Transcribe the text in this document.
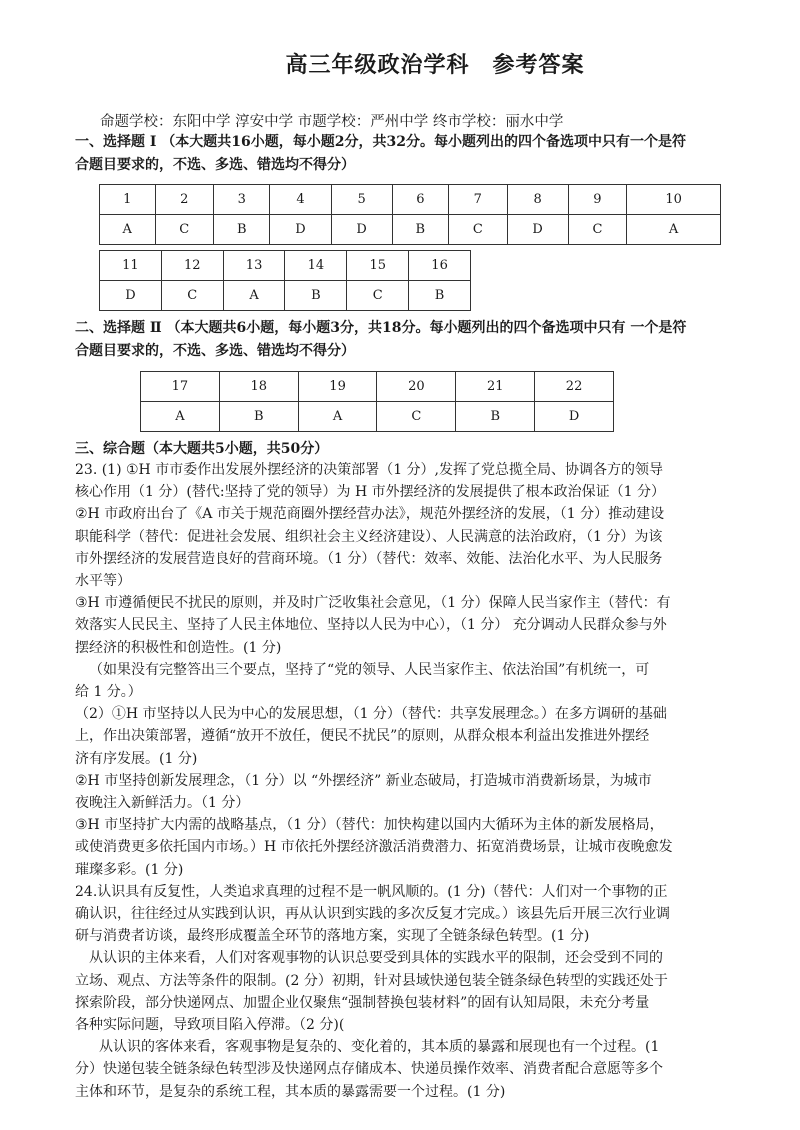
高三年级政治学科　参考答案
命题学校：东阳中学 淳安中学 市题学校：严州中学 终市学校：丽水中学
一、选择题 Ⅰ （本大题共16小题，每小题2分，共32分。每小题列出的四个备选项中只有一个是符
合题目要求的，不选、多选、错选均不得分）
1	2	3	4	5	6	7	8	9	10
A	C	B	D	D	B	C	D	C	A
11	12	13	14	15	16
D	C	A	B	C	B
二、选择题 Ⅱ （本大题共6小题，每小题3分，共18分。每小题列出的四个备选项中只有 一个是符
合题目要求的，不选、多选、错选均不得分）
17	18	19	20	21	22
A	B	A	C	B	D
三、综合题（本大题共5小题，共50分）

23. (1) ①H 市市委作出发展外摆经济的决策部署（1 分）,发挥了党总揽全局、协调各方的领导

核心作用（1 分）(替代:坚持了党的领导）为 H 市外摆经济的发展提供了根本政治保证（1 分）

②H 市政府出台了《A 市关于规范商圈外摆经营办法》，规范外摆经济的发展，（1 分）推动建设

职能科学（替代：促进社会发展、组织社会主义经济建设）、人民满意的法治政府，（1 分）为该

市外摆经济的发展营造良好的营商环境。（1 分）（替代：效率、效能、法治化水平、为人民服务

水平等）

③H 市遵循便民不扰民的原则，并及时广泛收集社会意见，（1 分）保障人民当家作主（替代：有

效落实人民民主、坚持了人民主体地位、坚持以人民为中心），（1 分） 充分调动人民群众参与外

摆经济的积极性和创造性。(1 分)

（如果没有完整答出三个要点，坚持了“党的领导、人民当家作主、依法治国”有机统一，可

给 1 分。）

（2）①H 市坚持以人民为中心的发展思想，（1 分）（替代：共享发展理念。）在多方调研的基础

上，作出决策部署，遵循“放开不放任，便民不扰民”的原则，从群众根本利益出发推进外摆经

济有序发展。(1 分)

②H 市坚持创新发展理念，（1 分）以 “外摆经济” 新业态破局，打造城市消费新场景，为城市

夜晚注入新鲜活力。（1 分）

③H 市坚持扩大内需的战略基点，（1 分）（替代：加快构建以国内大循环为主体的新发展格局，

或使消费更多依托国内市场。）H 市依托外摆经济激活消费潜力、拓宽消费场景，让城市夜晚愈发

璀璨多彩。(1 分)

24.认识具有反复性，人类追求真理的过程不是一帆风顺的。(1 分)（替代：人们对一个事物的正

确认识，往往经过从实践到认识，再从认识到实践的多次反复才完成。）该县先后开展三次行业调

研与消费者访谈，最终形成覆盖全环节的落地方案，实现了全链条绿色转型。(1 分)

从认识的主体来看，人们对客观事物的认识总要受到具体的实践水平的限制，还会受到不同的

立场、观点、方法等条件的限制。(2 分）初期，针对县域快递包装全链条绿色转型的实践还处于

探索阶段，部分快递网点、加盟企业仅聚焦“强制替换包装材料”的固有认知局限，未充分考量

各种实际问题，导致项目陷入停滞。（2 分)(

从认识的客体来看，客观事物是复杂的、变化着的，其本质的暴露和展现也有一个过程。(1

分）快递包装全链条绿色转型涉及快递网点存储成本、快递员操作效率、消费者配合意愿等多个

主体和环节，是复杂的系统工程，其本质的暴露需要一个过程。(1 分)
